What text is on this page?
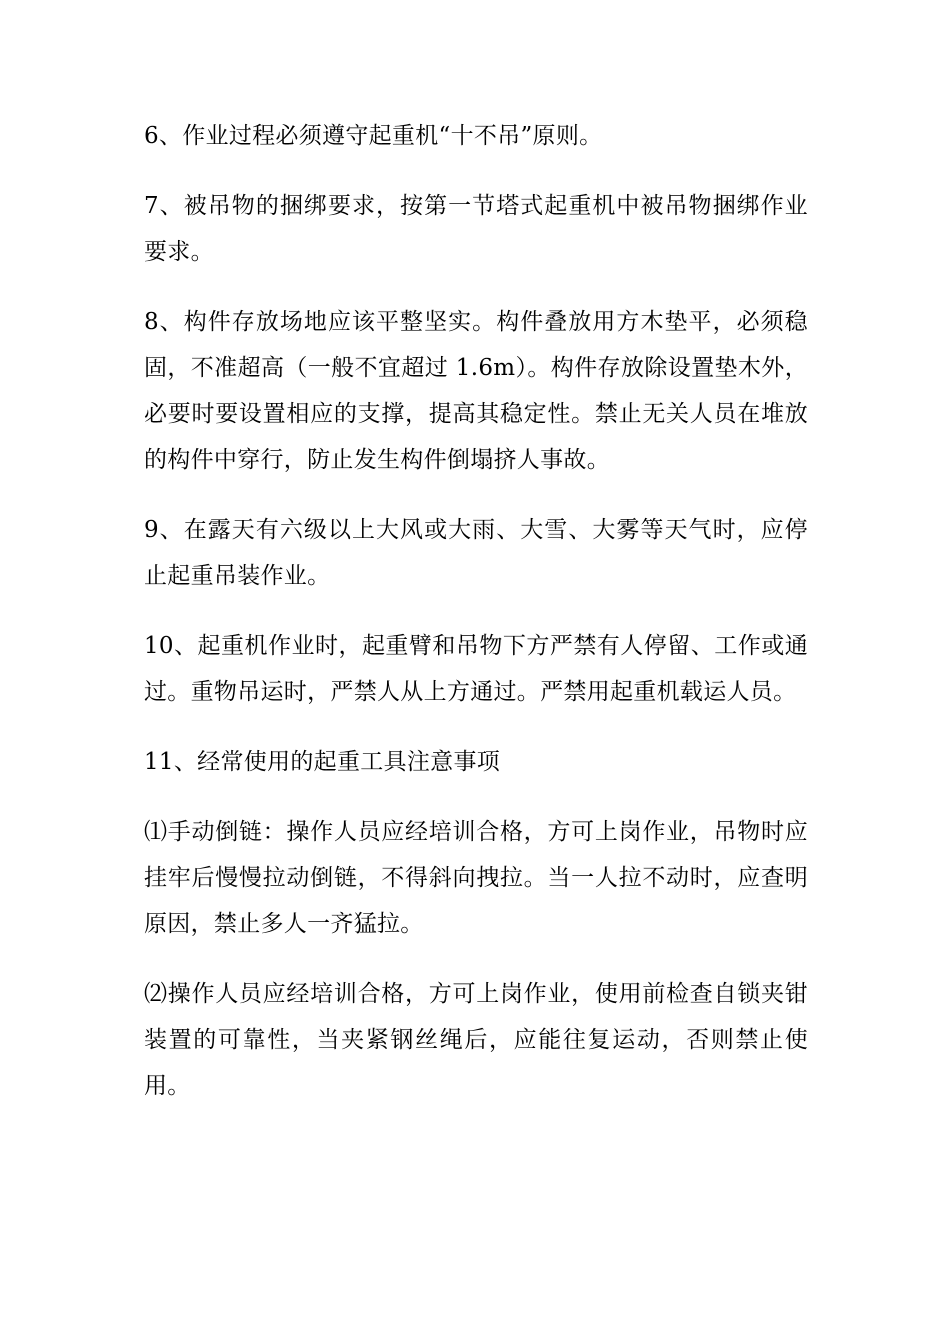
6、作业过程必须遵守起重机“十不吊”原则。

7、被吊物的捆绑要求，按第一节塔式起重机中被吊物捆绑作业要求。

8、构件存放场地应该平整坚实。构件叠放用方木垫平，必须稳固，不准超高（一般不宜超过 1.6m）。构件存放除设置垫木外，必要时要设置相应的支撑，提高其稳定性。禁止无关人员在堆放的构件中穿行，防止发生构件倒塌挤人事故。

9、在露天有六级以上大风或大雨、大雪、大雾等天气时，应停止起重吊装作业。

10、起重机作业时，起重臂和吊物下方严禁有人停留、工作或通过。重物吊运时，严禁人从上方通过。严禁用起重机载运人员。

11、经常使用的起重工具注意事项

⑴手动倒链：操作人员应经培训合格，方可上岗作业，吊物时应挂牢后慢慢拉动倒链，不得斜向拽拉。当一人拉不动时，应查明原因，禁止多人一齐猛拉。

⑵操作人员应经培训合格，方可上岗作业，使用前检查自锁夹钳装置的可靠性，当夹紧钢丝绳后，应能往复运动，否则禁止使用。
